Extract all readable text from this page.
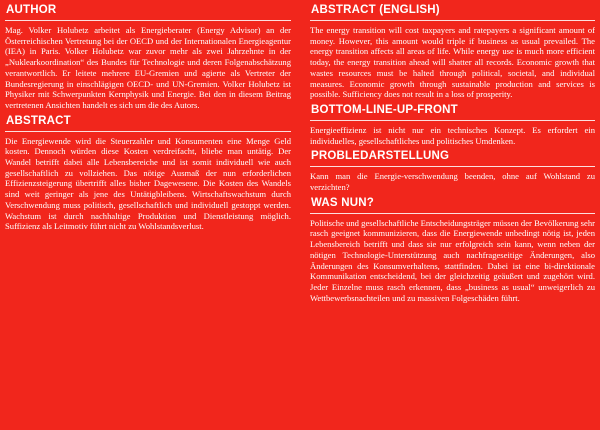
AUTHOR

Mag. Volker Holubetz arbeitet als Energieberater (Energy Advisor) an der Österreichischen Vertretung bei der OECD und der Internationalen Energieagentur (IEA) in Paris. Volker Holubetz war zuvor mehr als zwei Jahrzehnte in der „Nuklearkoordination“ des Bundes für Technologie und deren Folgenabschätzung verantwortlich. Er leitete mehrere EU-Gremien und agierte als Vertreter der Bundesregierung in einschlägigen OECD- und UN-Gremien. Volker Holubetz ist Physiker mit Schwerpunkten Kernphysik und Energie. Bei den in diesem Beitrag vertretenen Ansichten handelt es sich um die des Autors.

ABSTRACT

Die Energiewende wird die Steuerzahler und Konsumenten eine Menge Geld kosten. Dennoch würden diese Kosten verdreifacht, bliebe man untätig. Der Wandel betrifft dabei alle Lebensbereiche und ist somit individuell wie auch gesellschaftlich zu vollziehen. Das nötige Ausmaß der nun erforderlichen Effizienzsteigerung übertrifft alles bisher Dagewesene. Die Kosten des Wandels sind weit geringer als jene des Untätigbleibens. Wirtschaftswachstum durch Verschwendung muss politisch, gesellschaftlich und individuell gestoppt werden. Wachstum ist durch nachhaltige Produktion und Dienstleistung möglich. Suffizienz als Leitmotiv führt nicht zu Wohlstandsverlust.

ABSTRACT (ENGLISH)

The energy transition will cost taxpayers and ratepayers a significant amount of money. However, this amount would triple if business as usual prevailed. The energy transition affects all areas of life. While energy use is much more efficient today, the energy transition ahead will shatter all records. Economic growth that wastes resources must be halted through political, societal, and individual measures. Economic growth through sustainable production and services is possible. Sufficiency does not result in a loss of prosperity.

BOTTOM-LINE-UP-FRONT

Energieeffizienz ist nicht nur ein technisches Konzept. Es erfordert ein individuelles, gesellschaftliches und politisches Umdenken.

PROBLEDARSTELLUNG

Kann man die Energie-verschwendung beenden, ohne auf Wohlstand zu verzichten?

WAS NUN?

Politische und gesellschaftliche Entscheidungsträger müssen der Bevölkerung sehr rasch geeignet kommunizieren, dass die Energiewende unbedingt nötig ist, jeden Lebensbereich betrifft und dass sie nur erfolgreich sein kann, wenn neben der nötigen Technologie-Unterstützung auch nachfrageseitige Änderungen, also Änderungen des Konsumverhaltens, stattfinden. Dabei ist eine bi-direktionale Kommunikation entscheidend, bei der gleichzeitig geäußert und zugehört wird. Jeder Einzelne muss rasch erkennen, dass „business as usual“ unweigerlich zu Wettbewerbsnachteilen und zu massiven Folgeschäden führt.
